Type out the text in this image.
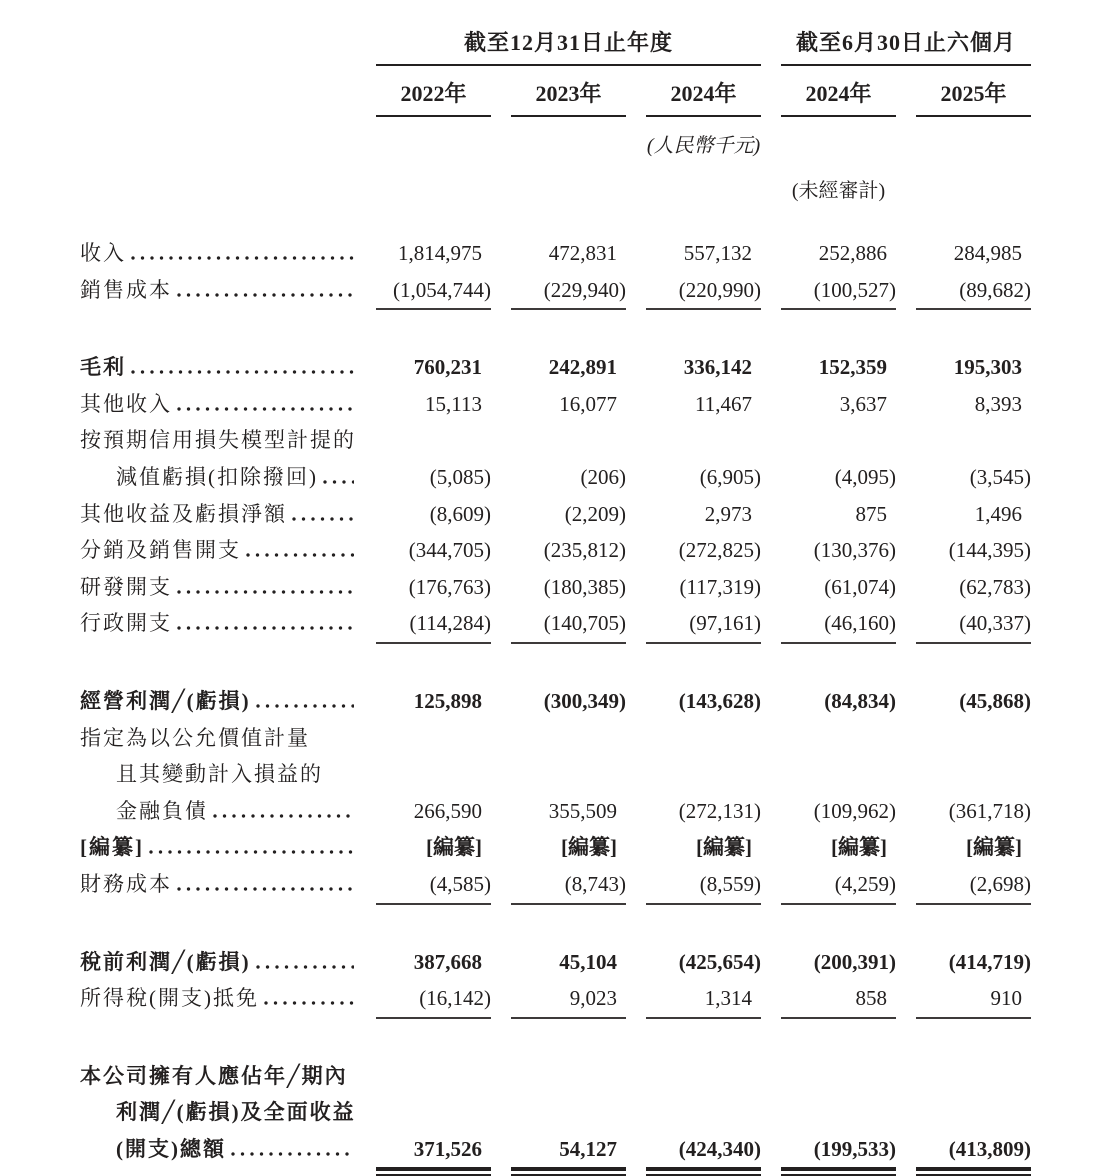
截至12月31日止年度	截至6月30日止六個月
2022年	2023年	2024年	2024年	2025年
(人民幣千元)
(未經審計)
收入	1,814,975	472,831	557,132	252,886	284,985
銷售成本	(1,054,744)	(229,940)	(220,990)	(100,527)	(89,682)
毛利	760,231	242,891	336,142	152,359	195,303
其他收入	15,113	16,077	11,467	3,637	8,393
按預期信用損失模型計提的
減值虧損(扣除撥回)	(5,085)	(206)	(6,905)	(4,095)	(3,545)
其他收益及虧損淨額	(8,609)	(2,209)	2,973	875	1,496
分銷及銷售開支	(344,705)	(235,812)	(272,825)	(130,376)	(144,395)
研發開支	(176,763)	(180,385)	(117,319)	(61,074)	(62,783)
行政開支	(114,284)	(140,705)	(97,161)	(46,160)	(40,337)
經營利潤╱(虧損)	125,898	(300,349)	(143,628)	(84,834)	(45,868)
指定為以公允價值計量
且其變動計入損益的
金融負債	266,590	355,509	(272,131)	(109,962)	(361,718)
[編纂]	[編纂]	[編纂]	[編纂]	[編纂]	[編纂]
財務成本	(4,585)	(8,743)	(8,559)	(4,259)	(2,698)
稅前利潤╱(虧損)	387,668	45,104	(425,654)	(200,391)	(414,719)
所得稅(開支)抵免	(16,142)	9,023	1,314	858	910
本公司擁有人應佔年╱期內
利潤╱(虧損)及全面收益
(開支)總額	371,526	54,127	(424,340)	(199,533)	(413,809)
